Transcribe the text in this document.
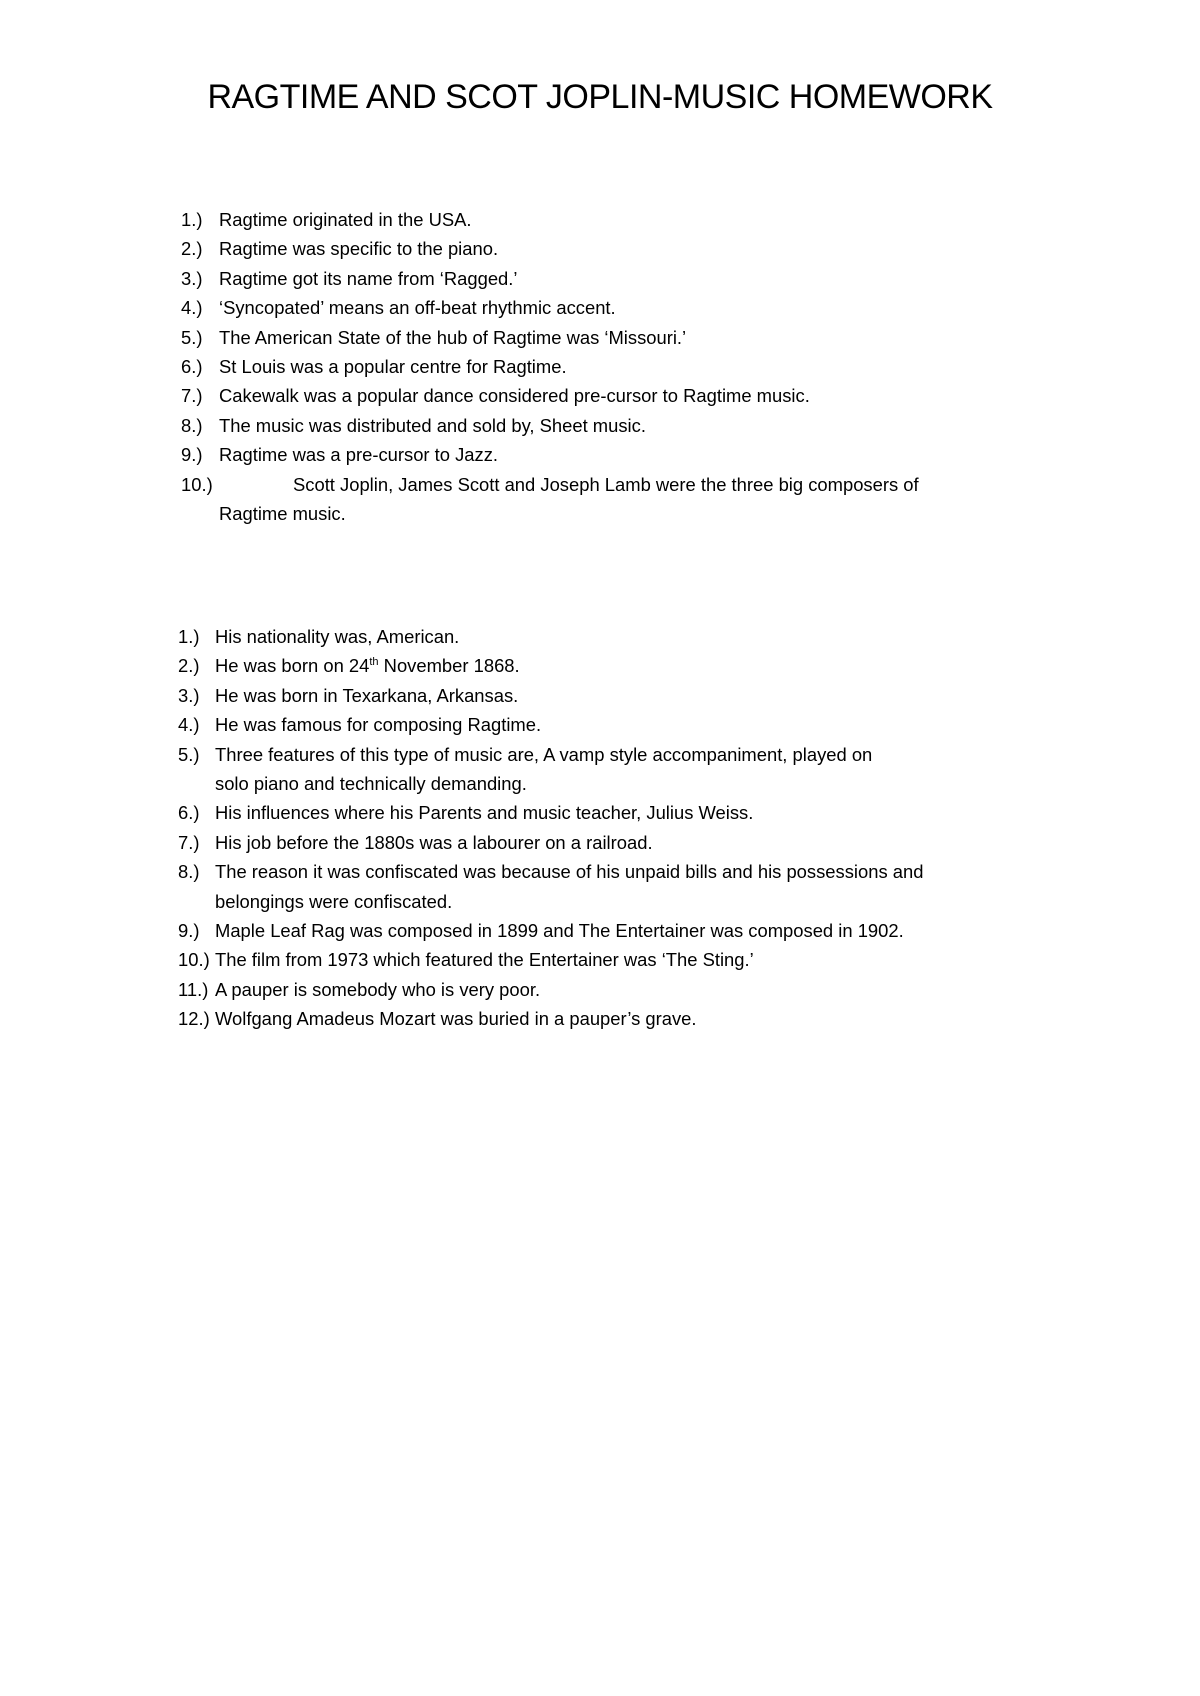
RAGTIME AND SCOT JOPLIN-MUSIC HOMEWORK
1.) Ragtime originated in the USA.
2.) Ragtime was specific to the piano.
3.) Ragtime got its name from ‘Ragged.’
4.) ‘Syncopated’ means an off-beat rhythmic accent.
5.) The American State of the hub of Ragtime was ‘Missouri.’
6.) St Louis was a popular centre for Ragtime.
7.) Cakewalk was a popular dance considered pre-cursor to Ragtime music.
8.) The music was distributed and sold by, Sheet music.
9.) Ragtime was a pre-cursor to Jazz.
10.)	Scott Joplin, James Scott and Joseph Lamb were the three big composers of
Ragtime music.
1.) His nationality was, American.
2.) He was born on 24th November 1868.
3.) He was born in Texarkana, Arkansas.
4.) He was famous for composing Ragtime.
5.) Three features of this type of music are, A vamp style accompaniment, played on
solo piano and technically demanding.
6.) His influences where his Parents and music teacher, Julius Weiss.
7.) His job before the 1880s was a labourer on a railroad.
8.) The reason it was confiscated was because of his unpaid bills and his possessions and
belongings were confiscated.
9.) Maple Leaf Rag was composed in 1899 and The Entertainer was composed in 1902.
10.) The film from 1973 which featured the Entertainer was ‘The Sting.’
11.) A pauper is somebody who is very poor.
12.) Wolfgang Amadeus Mozart was buried in a pauper’s grave.
